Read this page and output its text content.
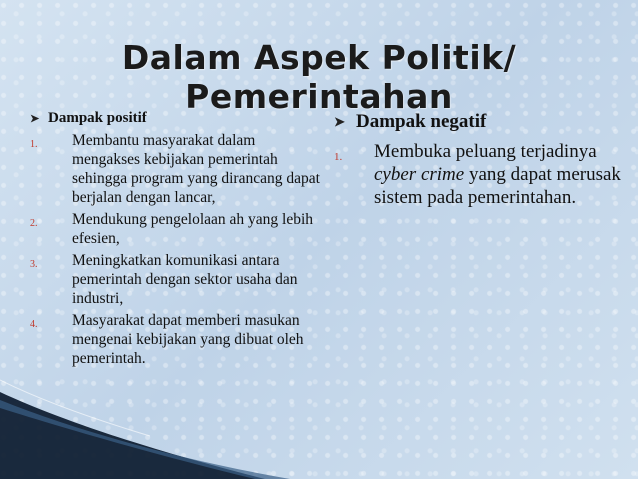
Dalam Aspek Politik/ Pemerintahan
➤ Dampak positif
1. Membantu masyarakat dalam mengakses kebijakan pemerintah sehingga program yang dirancang dapat berjalan dengan lancar,
2. Mendukung pengelolaan ah yang lebih efesien,
3. Meningkatkan komunikasi antara pemerintah dengan sektor usaha dan industri,
4. Masyarakat dapat memberi masukan mengenai kebijakan yang dibuat oleh pemerintah.
➤ Dampak negatif
1. Membuka peluang terjadinya cyber crime yang dapat merusak sistem pada pemerintahan.
